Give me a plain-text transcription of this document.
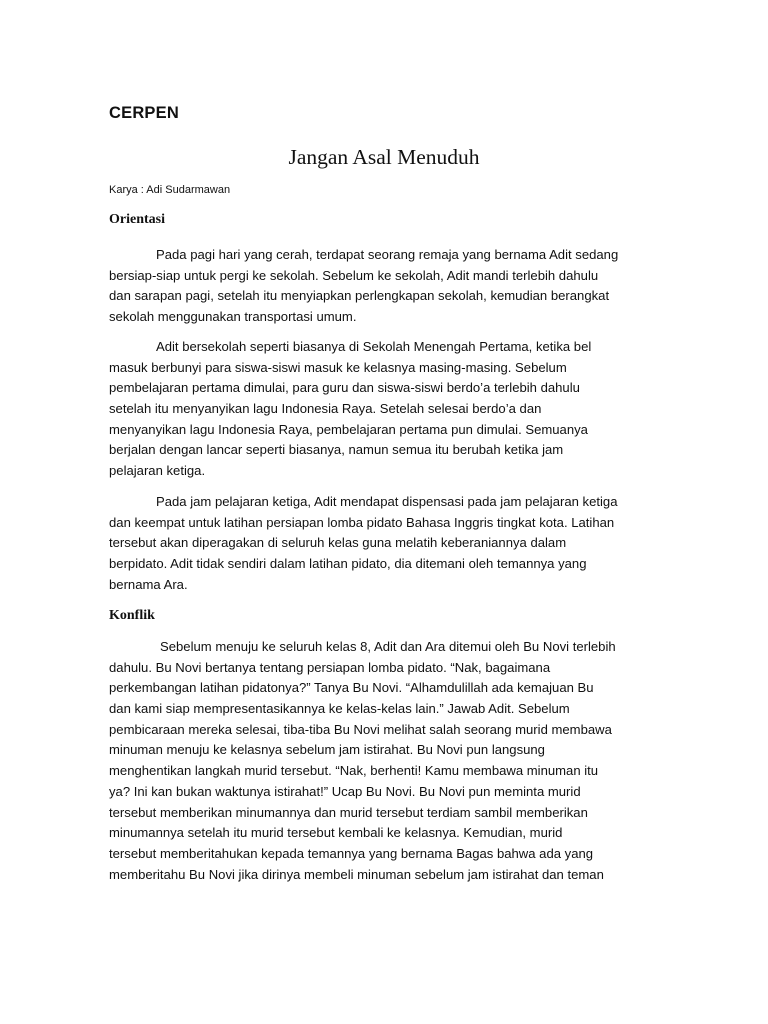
CERPEN
Jangan Asal Menuduh

Karya : Adi Sudarmawan

Orientasi
Pada pagi hari yang cerah, terdapat seorang remaja yang bernama Adit sedang
bersiap-siap untuk pergi ke sekolah. Sebelum ke sekolah, Adit mandi terlebih dahulu
dan sarapan pagi, setelah itu menyiapkan perlengkapan sekolah, kemudian berangkat
sekolah menggunakan transportasi umum.
Adit bersekolah seperti biasanya di Sekolah Menengah Pertama, ketika bel
masuk berbunyi para siswa-siswi masuk ke kelasnya masing-masing. Sebelum
pembelajaran pertama dimulai, para guru dan siswa-siswi berdo’a terlebih dahulu
setelah itu menyanyikan lagu Indonesia Raya. Setelah selesai berdo’a dan
menyanyikan lagu Indonesia Raya, pembelajaran pertama pun dimulai. Semuanya
berjalan dengan lancar seperti biasanya, namun semua itu berubah ketika jam
pelajaran ketiga.
Pada jam pelajaran ketiga, Adit mendapat dispensasi pada jam pelajaran ketiga
dan keempat untuk latihan persiapan lomba pidato Bahasa Inggris tingkat kota. Latihan
tersebut akan diperagakan di seluruh kelas guna melatih keberaniannya dalam
berpidato. Adit tidak sendiri dalam latihan pidato, dia ditemani oleh temannya yang
bernama Ara.
Konflik
Sebelum menuju ke seluruh kelas 8, Adit dan Ara ditemui oleh Bu Novi terlebih
dahulu. Bu Novi bertanya tentang persiapan lomba pidato. “Nak, bagaimana
perkembangan latihan pidatonya?” Tanya Bu Novi. “Alhamdulillah ada kemajuan Bu
dan kami siap mempresentasikannya ke kelas-kelas lain.” Jawab Adit. Sebelum
pembicaraan mereka selesai, tiba-tiba Bu Novi melihat salah seorang murid membawa
minuman menuju ke kelasnya sebelum jam istirahat. Bu Novi pun langsung
menghentikan langkah murid tersebut. “Nak, berhenti! Kamu membawa minuman itu
ya? Ini kan bukan waktunya istirahat!” Ucap Bu Novi. Bu Novi pun meminta murid
tersebut memberikan minumannya dan murid tersebut terdiam sambil memberikan
minumannya setelah itu murid tersebut kembali ke kelasnya. Kemudian, murid
tersebut memberitahukan kepada temannya yang bernama Bagas bahwa ada yang
memberitahu Bu Novi jika dirinya membeli minuman sebelum jam istirahat dan teman
